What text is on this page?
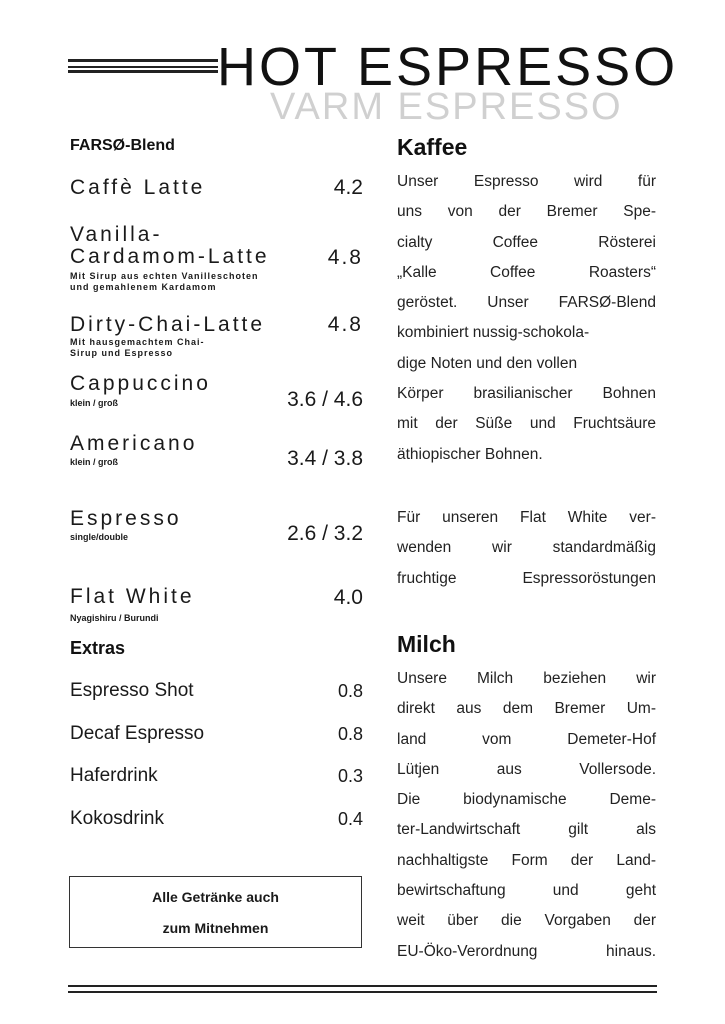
HOT ESPRESSO
VARM ESPRESSO
FARSØ-Blend
Caffè Latte	4.2
Vanilla-
Cardamom-Latte	4.8
Mit Sirup aus echten Vanilleschoten
und gemahlenem Kardamom
Dirty-Chai-Latte	4.8
Mit hausgemachtem Chai-
Sirup und Espresso
Cappuccino
klein / groß	3.6 / 4.6
Americano
klein / groß	3.4 / 3.8
Espresso
single/double	2.6 / 3.2
Flat White	4.0
Nyagishiru / Burundi
Extras
Espresso Shot	0.8
Decaf Espresso	0.8
Haferdrink	0.3
Kokosdrink	0.4
Alle Getränke auch
zum Mitnehmen
Kaffee
Unser Espresso wird für
uns von der Bremer Spe-
cialty Coffee Rösterei
„Kalle Coffee Roasters“
geröstet. Unser FARSØ-Blend
kombiniert nussig-schokola-
dige Noten und den vollen
Körper brasilianischer Bohnen
mit der Süße und Fruchtsäure
äthiopischer Bohnen.
Für unseren Flat White ver-
wenden wir standardmäßig
fruchtige Espressoröstungen
Milch
Unsere Milch beziehen wir
direkt aus dem Bremer Um-
land vom Demeter-Hof
Lütjen aus Vollersode.
Die biodynamische Deme-
ter-Landwirtschaft gilt als
nachhaltigste Form der Land-
bewirtschaftung und geht
weit über die Vorgaben der
EU-Öko-Verordnung hinaus.
